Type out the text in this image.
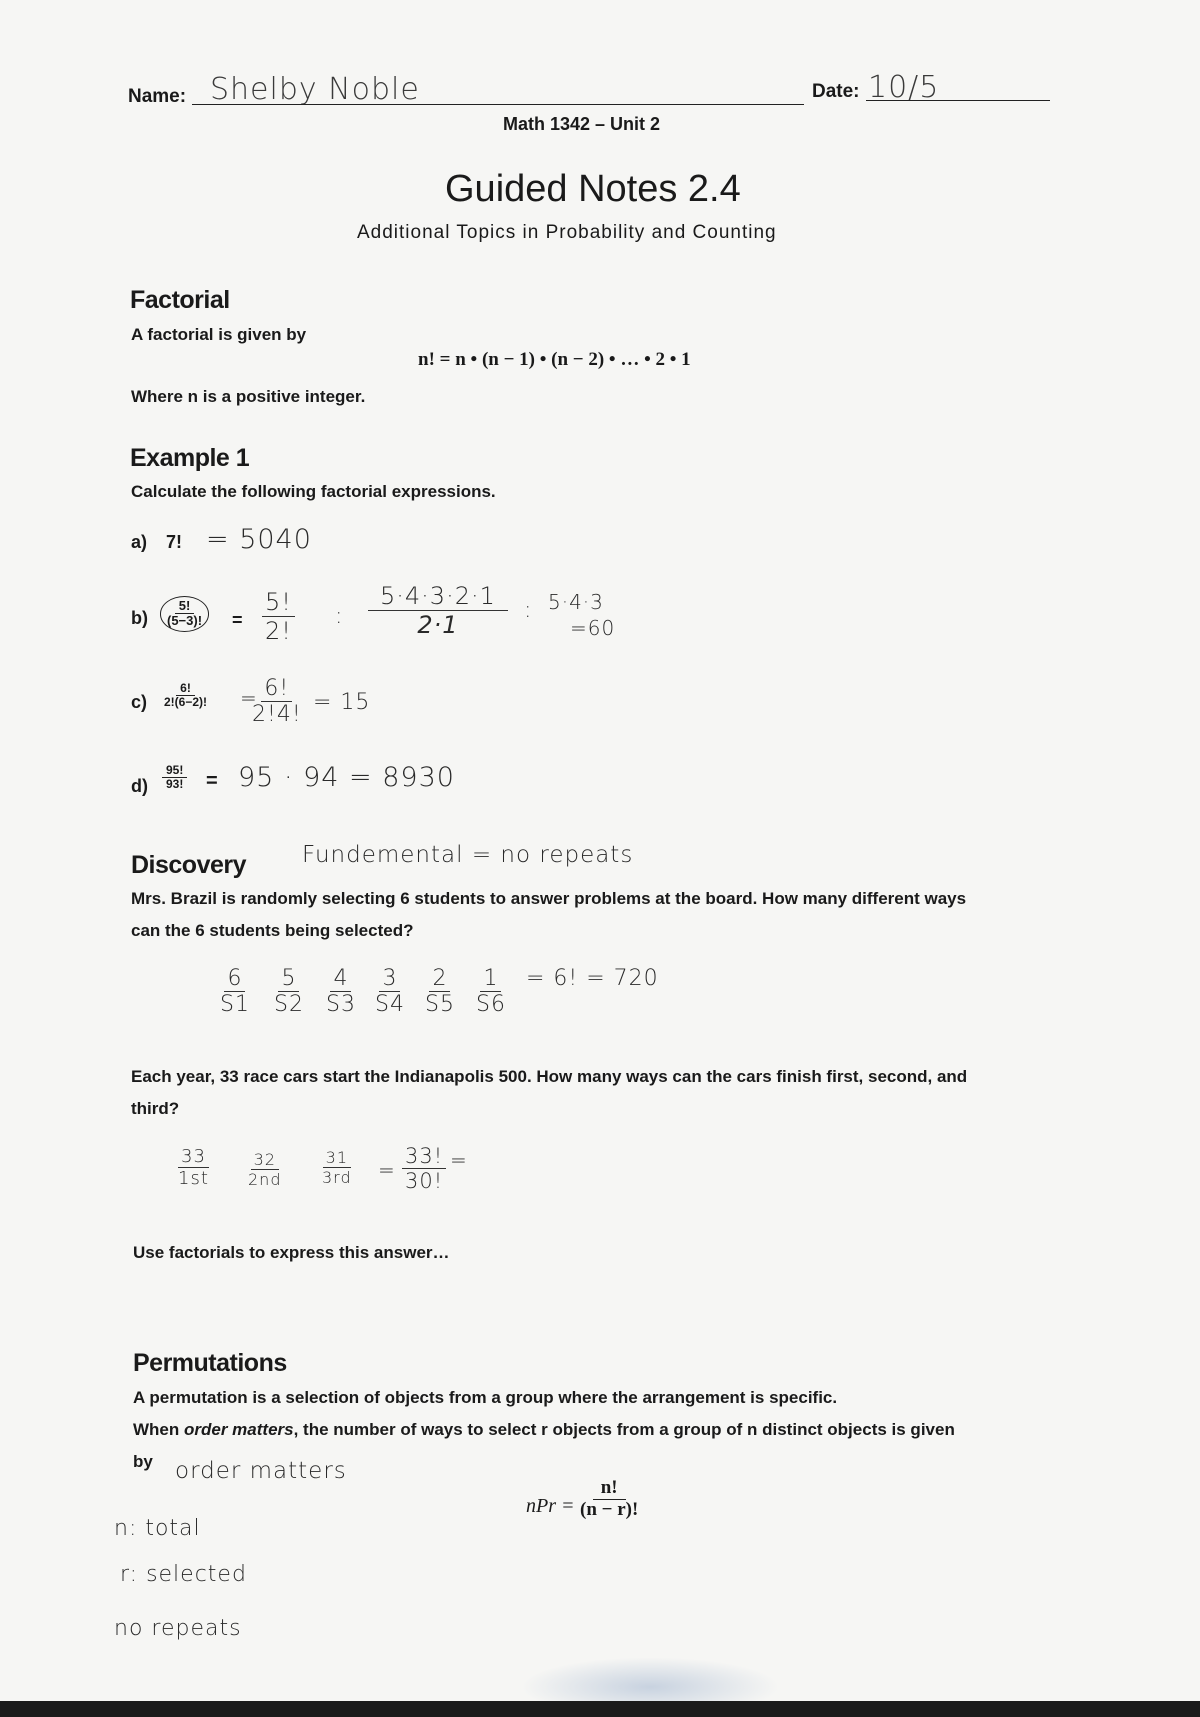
Name: Shelby Noble	Date: 10/5
Math 1342 – Unit 2
Guided Notes 2.4
Additional Topics in Probability and Counting
Factorial
A factorial is given by
n! = n • (n − 1) • (n − 2) • … • 2 • 1
Where n is a positive integer.
Example 1
Calculate the following factorial expressions.
a) 7! = 5040
$b) \frac{5!}{(5-3)!} = \frac{5!}{2!}$ : $\frac{5\cdot 4\cdot 3\cdot 2\cdot 1}{2\cdot 1}$ : 5·4·3
=60
$c) \frac{6!}{2!(6-2)!}$ =
$\frac{6!}{2!4!} = 15$
$d) \frac{95!}{93!} = 95 \cdot 94 = 8930$
Discovery Fundemental = no repeats
Mrs. Brazil is randomly selecting 6 students to answer problems at the board. How many different ways
can the 6 students being selected?
6
S1
5
S2
4
S3
3
S4
2
S5
1
S6
= 6! = 720
Each year, 33 race cars start the Indianapolis 500. How many ways can the cars finish first, second, and
third?
33
1st
32
2nd
31
$3rd = \frac{33!}{30!}$ =
Use factorials to express this answer…
Permutations
A permutation is a selection of objects from a group where the arrangement is specific.
When order matters, the number of ways to select r objects from a group of n distinct objects is given
by order matters
nPr = $\frac{n!}{(n - r)!}$
n: total
r: selected
no repeats
